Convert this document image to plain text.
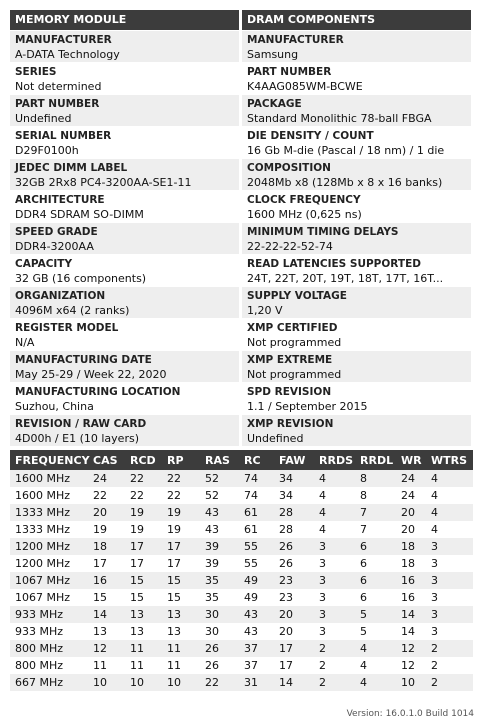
MEMORY MODULE
MANUFACTURER
A-DATA Technology
SERIES
Not determined
PART NUMBER
Undefined
SERIAL NUMBER
D29F0100h
JEDEC DIMM LABEL
32GB 2Rx8 PC4-3200AA-SE1-11
ARCHITECTURE
DDR4 SDRAM SO-DIMM
SPEED GRADE
DDR4-3200AA
CAPACITY
32 GB (16 components)
ORGANIZATION
4096M x64 (2 ranks)
REGISTER MODEL
N/A
MANUFACTURING DATE
May 25-29 / Week 22, 2020
MANUFACTURING LOCATION
Suzhou, China
REVISION / RAW CARD
4D00h / E1 (10 layers)
DRAM COMPONENTS
MANUFACTURER
Samsung
PART NUMBER
K4AAG085WM-BCWE
PACKAGE
Standard Monolithic 78-ball FBGA
DIE DENSITY / COUNT
16 Gb M-die (Pascal / 18 nm) / 1 die
COMPOSITION
2048Mb x8 (128Mb x 8 x 16 banks)
CLOCK FREQUENCY
1600 MHz (0,625 ns)
MINIMUM TIMING DELAYS
22-22-22-52-74
READ LATENCIES SUPPORTED
24T, 22T, 20T, 19T, 18T, 17T, 16T...
SUPPLY VOLTAGE
1,20 V
XMP CERTIFIED
Not programmed
XMP EXTREME
Not programmed
SPD REVISION
1.1 / September 2015
XMP REVISION
Undefined
FREQUENCY	CAS	RCD	RP	RAS	RC	FAW	RRDS	RRDL	WR	WTRS
1600 MHz	24	22	22	52	74	34	4	8	24	4
1600 MHz	22	22	22	52	74	34	4	8	24	4
1333 MHz	20	19	19	43	61	28	4	7	20	4
1333 MHz	19	19	19	43	61	28	4	7	20	4
1200 MHz	18	17	17	39	55	26	3	6	18	3
1200 MHz	17	17	17	39	55	26	3	6	18	3
1067 MHz	16	15	15	35	49	23	3	6	16	3
1067 MHz	15	15	15	35	49	23	3	6	16	3
933 MHz	14	13	13	30	43	20	3	5	14	3
933 MHz	13	13	13	30	43	20	3	5	14	3
800 MHz	12	11	11	26	37	17	2	4	12	2
800 MHz	11	11	11	26	37	17	2	4	12	2
667 MHz	10	10	10	22	31	14	2	4	10	2
Version: 16.0.1.0 Build 1014
